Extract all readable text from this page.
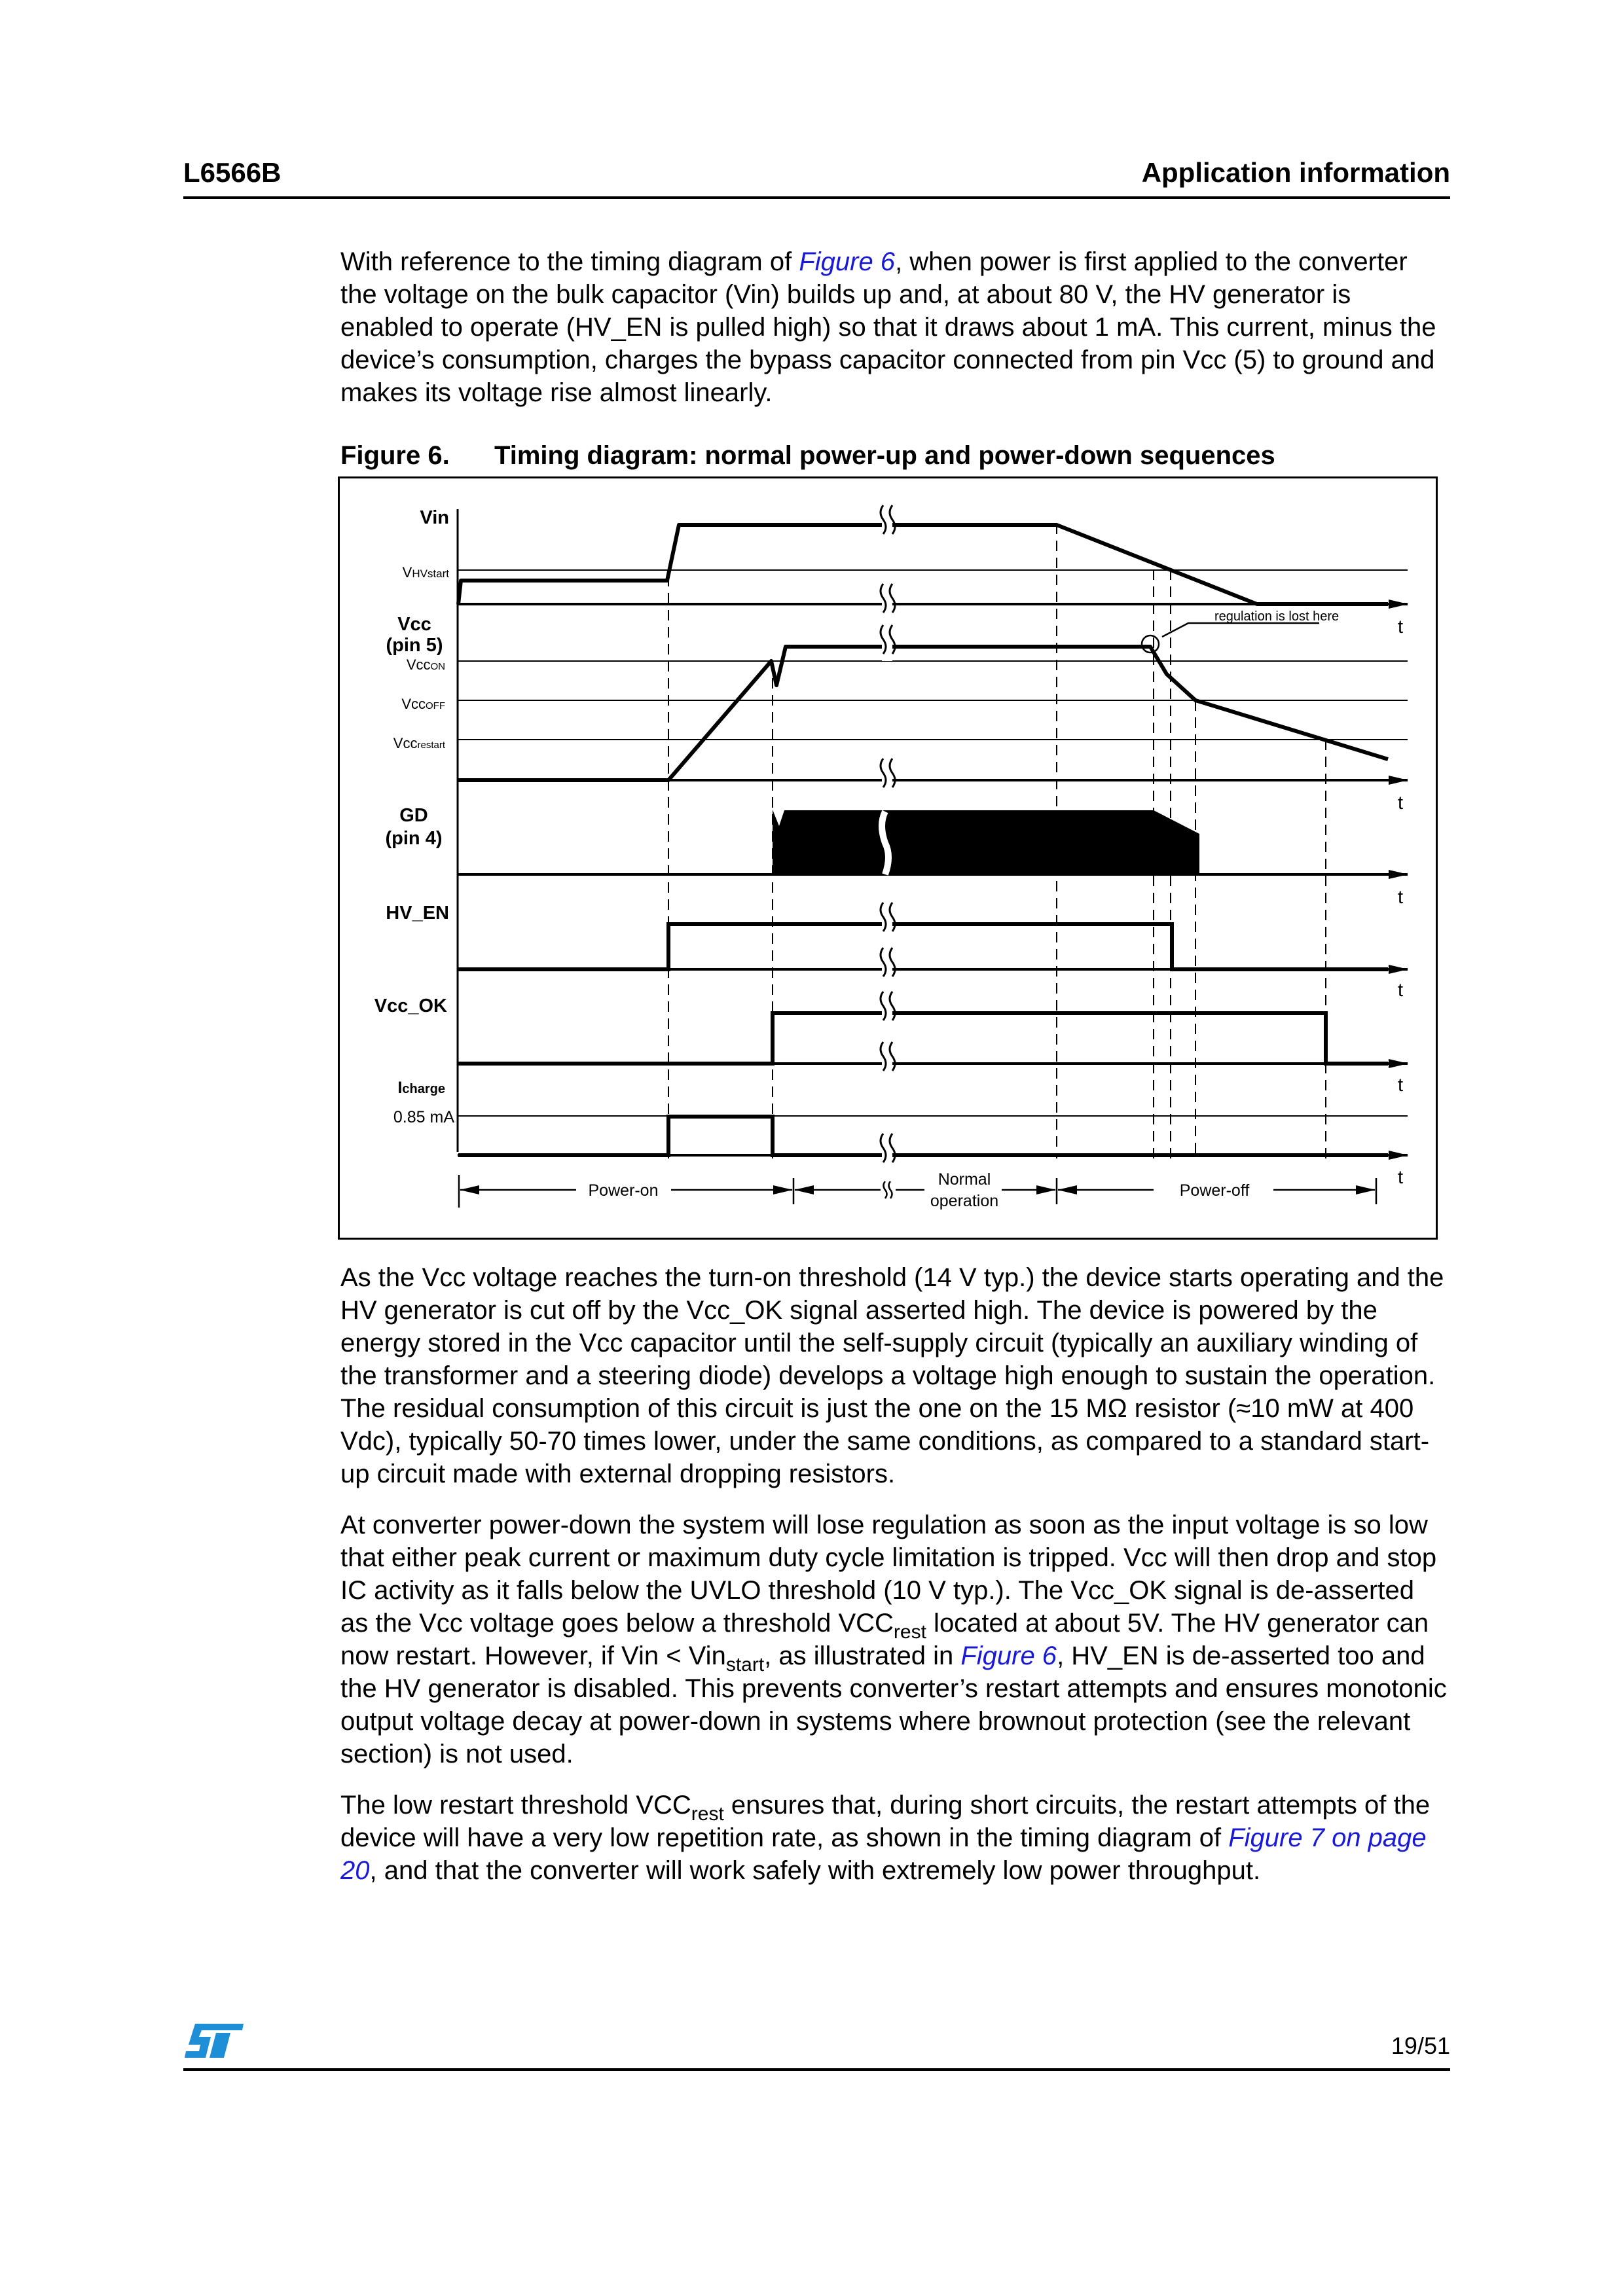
L6566B	Application information
With reference to the timing diagram of Figure 6, when power is first applied to the converter the voltage on the bulk capacitor (Vin) builds up and, at about 80 V, the HV generator is enabled to operate (HV_EN is pulled high) so that it draws about 1 mA. This current, minus the device’s consumption, charges the bypass capacitor connected from pin Vcc (5) to ground and makes its voltage rise almost linearly.
Figure 6. Timing diagram: normal power-up and power-down sequences
Vin
VHVstart
Vcc
(pin 5)
VccON
VccOFF
Vccrestart
GD
(pin 4)
HV_EN
Vcc_OK
Icharge
0.85 mA
t
t
t
t
t
t
regulation is lost here
Power-on
Normal
operation
Power-off
As the Vcc voltage reaches the turn-on threshold (14 V typ.) the device starts operating and the HV generator is cut off by the Vcc_OK signal asserted high. The device is powered by the energy stored in the Vcc capacitor until the self-supply circuit (typically an auxiliary winding of the transformer and a steering diode) develops a voltage high enough to sustain the operation. The residual consumption of this circuit is just the one on the 15 MΩ resistor (≈10 mW at 400 Vdc), typically 50-70 times lower, under the same conditions, as compared to a standard start-up circuit made with external dropping resistors.
At converter power-down the system will lose regulation as soon as the input voltage is so low that either peak current or maximum duty cycle limitation is tripped. Vcc will then drop and stop IC activity as it falls below the UVLO threshold (10 V typ.). The Vcc_OK signal is de-asserted as the Vcc voltage goes below a threshold $VCC_{rest}$ located at about 5V. The HV generator can now restart. However, if Vin < Vin$_{start}$, as illustrated in Figure 6, HV_EN is de-asserted too and the HV generator is disabled. This prevents converter’s restart attempts and ensures monotonic output voltage decay at power-down in systems where brownout protection (see the relevant section) is not used.
The low restart threshold $VCC_{rest}$ ensures that, during short circuits, the restart attempts of the device will have a very low repetition rate, as shown in the timing diagram of Figure 7 on page 20, and that the converter will work safely with extremely low power throughput.
19/51
